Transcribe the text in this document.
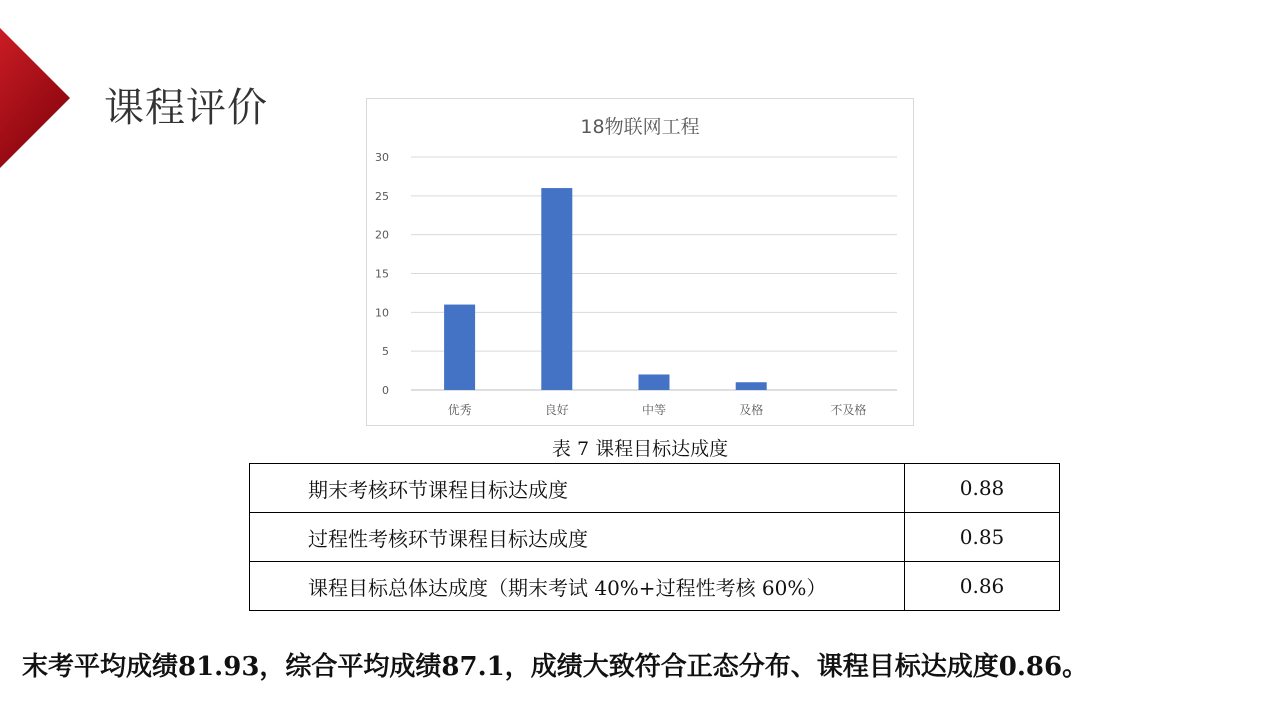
课程评价	18物联网工程
0
5
10
15
20
25
30
优秀	良好	中等	及格	不及格
表 7 课程目标达成度
期末考核环节课程目标达成度	0.88
过程性考核环节课程目标达成度	0.85
课程目标总体达成度（期末考试 40%+过程性考核 60%）	0.86
末考平均成绩81.93，综合平均成绩87.1，成绩大致符合正态分布、课程目标达成度0.86。
